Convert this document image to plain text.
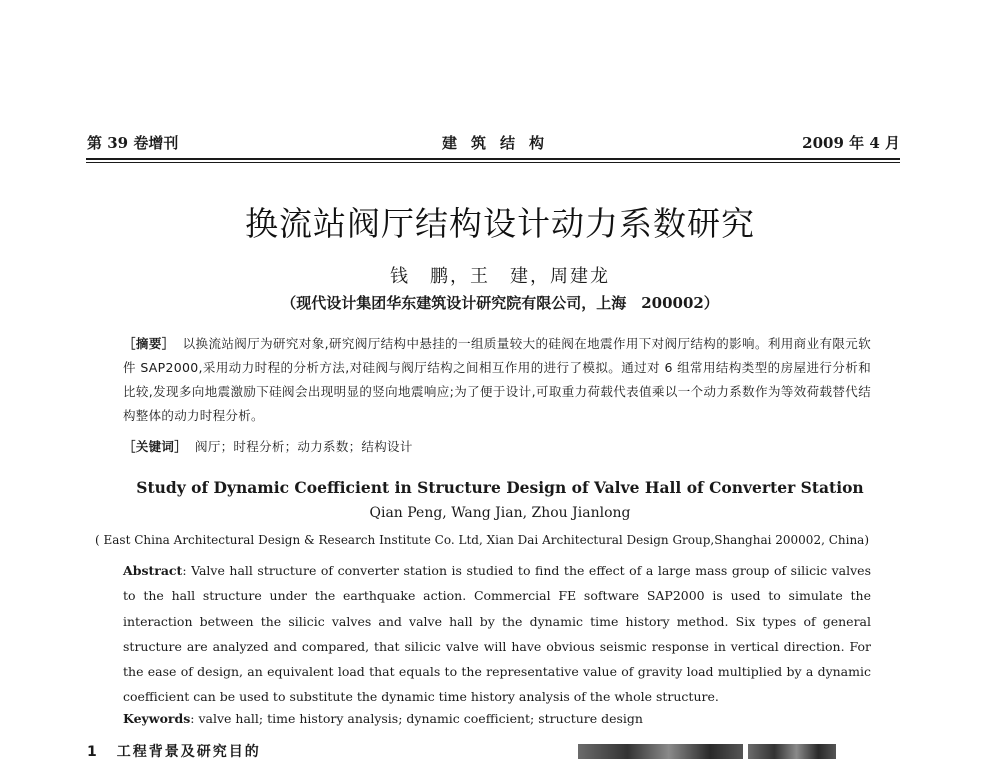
第 39 卷增刊	建筑结构	2009 年 4 月
换流站阀厅结构设计动力系数研究
钱　鹏，王　建，周建龙
（现代设计集团华东建筑设计研究院有限公司，上海　200002）
［摘要］ 以换流站阀厅为研究对象,研究阀厅结构中悬挂的一组质量较大的硅阀在地震作用下对阀厅结构的影响。利用商业有限元软件 SAP2000,采用动力时程的分析方法,对硅阀与阀厅结构之间相互作用的进行了模拟。通过对 6 组常用结构类型的房屋进行分析和比较,发现多向地震激励下硅阀会出现明显的竖向地震响应;为了便于设计,可取重力荷载代表值乘以一个动力系数作为等效荷载替代结构整体的动力时程分析。
［关键词］ 阀厅；时程分析；动力系数；结构设计
Study of Dynamic Coefficient in Structure Design of Valve Hall of Converter Station
Qian Peng, Wang Jian, Zhou Jianlong
( East China Architectural Design & Research Institute Co. Ltd, Xian Dai Architectural Design Group,Shanghai 200002, China)
Abstract: Valve hall structure of converter station is studied to find the effect of a large mass group of silicic valves to the hall structure under the earthquake action. Commercial FE software SAP2000 is used to simulate the interaction between the silicic valves and valve hall by the dynamic time history method. Six types of general structure are analyzed and compared, that silicic valve will have obvious seismic response in vertical direction. For the ease of design, an equivalent load that equals to the representative value of gravity load multiplied by a dynamic coefficient can be used to substitute the dynamic time history analysis of the whole structure.
Keywords: valve hall; time history analysis; dynamic coefficient; structure design
1 工程背景及研究目的
